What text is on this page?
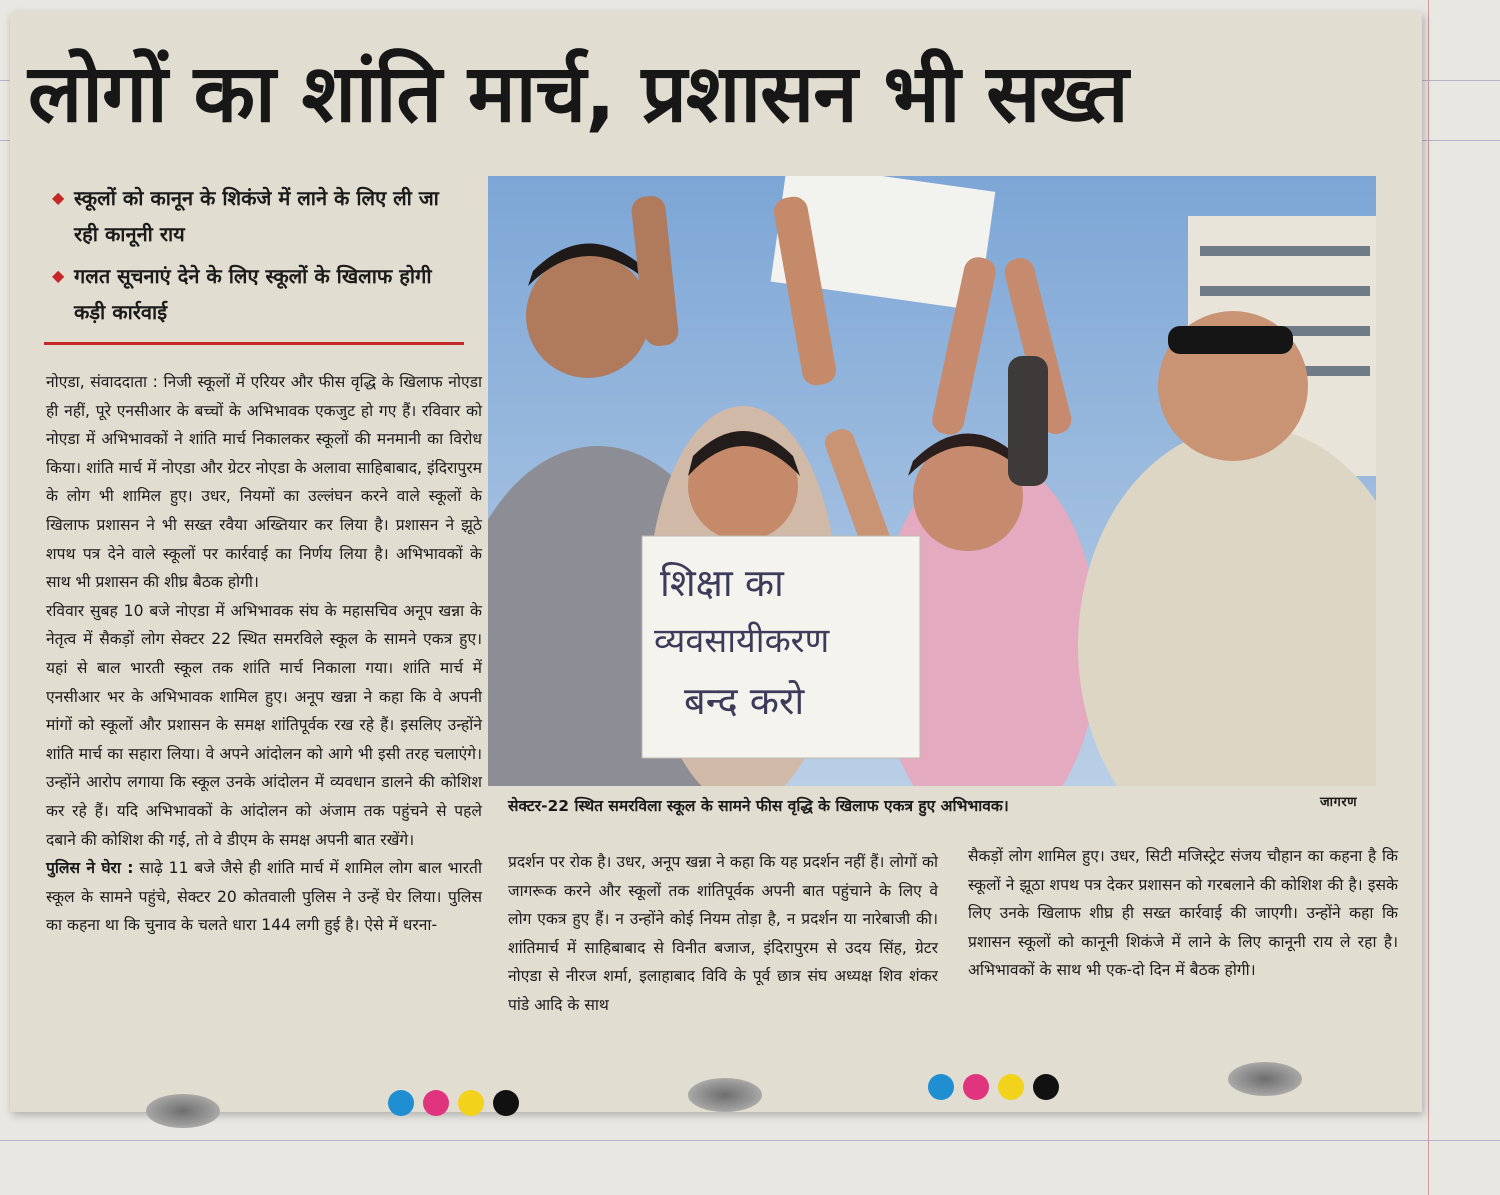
लोगों का शांति मार्च, प्रशासन भी सख्त
◆ स्कूलों को कानून के शिकंजे में लाने के लिए ली जा रही कानूनी राय
◆ गलत सूचनाएं देने के लिए स्कूलों के खिलाफ होगी कड़ी कार्रवाई

नोएडा, संवाददाता : निजी स्कूलों में एरियर और फीस वृद्धि के खिलाफ नोएडा ही नहीं, पूरे एनसीआर के बच्चों के अभिभावक एकजुट हो गए हैं। रविवार को नोएडा में अभिभावकों ने शांति मार्च निकालकर स्कूलों की मनमानी का विरोध किया। शांति मार्च में नोएडा और ग्रेटर नोएडा के अलावा साहिबाबाद, इंदिरापुरम के लोग भी शामिल हुए। उधर, नियमों का उल्लंघन करने वाले स्कूलों के खिलाफ प्रशासन ने भी सख्त रवैया अख्तियार कर लिया है। प्रशासन ने झूठे शपथ पत्र देने वाले स्कूलों पर कार्रवाई का निर्णय लिया है। अभिभावकों के साथ भी प्रशासन की शीघ्र बैठक होगी।

रविवार सुबह 10 बजे नोएडा में अभिभावक संघ के महासचिव अनूप खन्ना के नेतृत्व में सैकड़ों लोग सेक्टर 22 स्थित समरविले स्कूल के सामने एकत्र हुए। यहां से बाल भारती स्कूल तक शांति मार्च निकाला गया। शांति मार्च में एनसीआर भर के अभिभावक शामिल हुए। अनूप खन्ना ने कहा कि वे अपनी मांगों को स्कूलों और प्रशासन के समक्ष शांतिपूर्वक रख रहे हैं। इसलिए उन्होंने शांति मार्च का सहारा लिया। वे अपने आंदोलन को आगे भी इसी तरह चलाएंगे। उन्होंने आरोप लगाया कि स्कूल उनके आंदोलन में व्यवधान डालने की कोशिश कर रहे हैं। यदि अभिभावकों के आंदोलन को अंजाम तक पहुंचने से पहले दबाने की कोशिश की गई, तो वे डीएम के समक्ष अपनी बात रखेंगे।

पुलिस ने घेरा : साढ़े 11 बजे जैसे ही शांति मार्च में शामिल लोग बाल भारती स्कूल के सामने पहुंचे, सेक्टर 20 कोतवाली पुलिस ने उन्हें घेर लिया। पुलिस का कहना था कि चुनाव के चलते धारा 144 लगी हुई है। ऐसे में धरना-

शिक्षा का
व्यवसायीकरण
बन्द करो
सेक्टर-22 स्थित समरविला स्कूल के सामने फीस वृद्धि के खिलाफ एकत्र हुए अभिभावक।	जागरण

प्रदर्शन पर रोक है। उधर, अनूप खन्ना ने कहा कि यह प्रदर्शन नहीं हैं। लोगों को जागरूक करने और स्कूलों तक शांतिपूर्वक अपनी बात पहुंचाने के लिए वे लोग एकत्र हुए हैं। न उन्होंने कोई नियम तोड़ा है, न प्रदर्शन या नारेबाजी की। शांतिमार्च में साहिबाबाद से विनीत बजाज, इंदिरापुरम से उदय सिंह, ग्रेटर नोएडा से नीरज शर्मा, इलाहाबाद विवि के पूर्व छात्र संघ अध्यक्ष शिव शंकर पांडे आदि के साथ

सैकड़ों लोग शामिल हुए। उधर, सिटी मजिस्ट्रेट संजय चौहान का कहना है कि स्कूलों ने झूठा शपथ पत्र देकर प्रशासन को गरबलाने की कोशिश की है। इसके लिए उनके खिलाफ शीघ्र ही सख्त कार्रवाई की जाएगी। उन्होंने कहा कि प्रशासन स्कूलों को कानूनी शिकंजे में लाने के लिए कानूनी राय ले रहा है। अभिभावकों के साथ भी एक-दो दिन में बैठक होगी।
